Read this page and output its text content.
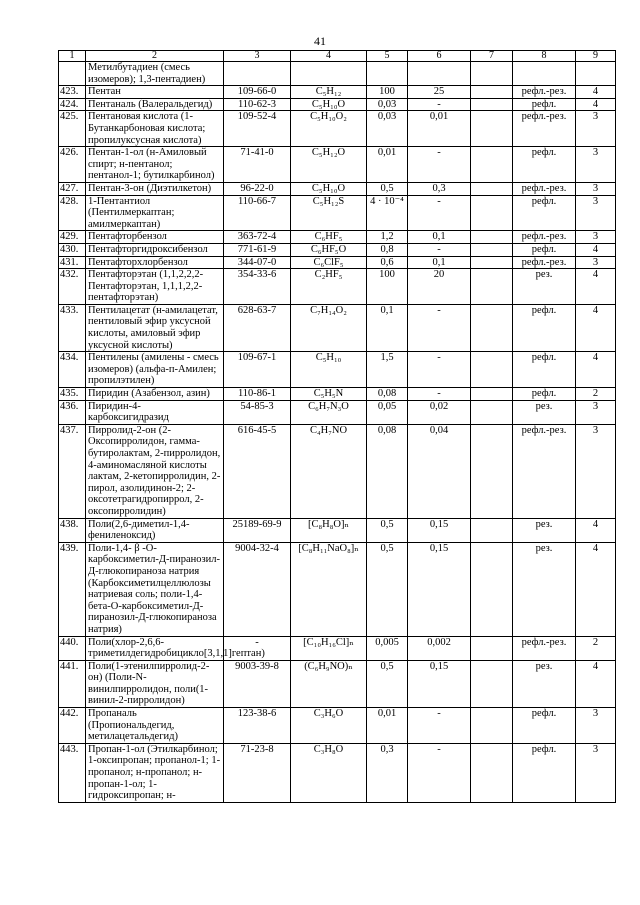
41
1	2	3	4	5	6	7	8	9
	Метилбутадиен (смесь изомеров); 1,3-пентадиен)							
423.	Пентан	109-66-0	C₅H₁₂	100	25		рефл.-рез.	4
424.	Пентаналь (Валеральдегид)	110-62-3	C₅H₁₀O	0,03	-		рефл.	4
425.	Пентановая кислота (1-Бутанкарбоновая кислота; пропилуксусная кислота)	109-52-4	C₅H₁₀O₂	0,03	0,01		рефл.-рез.	3
426.	Пентан-1-ол (н-Амиловый спирт; н-пентанол; пентанол-1; бутилкарбинол)	71-41-0	C₅H₁₂O	0,01	-		рефл.	3
427.	Пентан-3-он (Диэтилкетон)	96-22-0	C₅H₁₀O	0,5	0,3		рефл.-рез.	3
428.	1-Пентантиол (Пентилмеркаптан; амилмеркаптан)	110-66-7	C₅H₁₂S	4 · 10⁻⁴	-		рефл.	3
429.	Пентафторбензол	363-72-4	C₆HF₅	1,2	0,1		рефл.-рез.	3
430.	Пентафторгидроксибензол	771-61-9	C₆HF₅O	0,8	-		рефл.	4
431.	Пентафторхлорбензол	344-07-0	C₆ClF₅	0,6	0,1		рефл.-рез.	3
432.	Пентафторэтан (1,1,2,2,2-Пентафторэтан, 1,1,1,2,2-пентафторэтан)	354-33-6	C₂HF₅	100	20		рез.	4
433.	Пентилацетат (н-амилацетат, пентиловый эфир уксусной кислоты, амиловый эфир уксусной кислоты)	628-63-7	C₇H₁₄O₂	0,1	-		рефл.	4
434.	Пентилены (амилены - смесь изомеров) (альфа-п-Амилен; пропилэтилен)	109-67-1	C₅H₁₀	1,5	-		рефл.	4
435.	Пиридин (Азабензол, азин)	110-86-1	C₅H₅N	0,08	-		рефл.	2
436.	Пиридин-4-карбоксигидразид	54-85-3	C₆H₇N₃O	0,05	0,02		рез.	3
437.	Пирролид-2-он (2-Оксопирролидон, гамма-бутиролактам, 2-пирролидон, 4-аминомасляной кислоты лактам, 2-кетопирролидин, 2-пирол, азолидинон-2; 2-оксотетрагидропиррол, 2-оксопирролидин)	616-45-5	C₄H₇NO	0,08	0,04		рефл.-рез.	3
438.	Поли(2,6-диметил-1,4-фениленоксид)	25189-69-9	[C₈H₈O]ₙ	0,5	0,15		рез.	4
439.	Поли-1,4- β -О-карбоксиметил-Д-пиранозил-Д-глюкопираноза натрия (Карбоксиметилцеллюлозы натриевая соль; поли-1,4-бета-О-карбоксиметил-Д-пиранозил-Д-глюкопираноза натрия)	9004-32-4	[C₈H₁₁NaO₈]ₙ	0,5	0,15		рез.	4
440.	Поли(хлор-2,6,6-триметилдегидробицикло[3,1,1]гептан)	-	[C₁₀H₁₆Cl]ₙ	0,005	0,002		рефл.-рез.	2
441.	Поли(1-этенилпирролид-2-он) (Поли-N-винилпирролидон, поли(1-винил-2-пирролидон)	9003-39-8	(C₆H₉NO)ₙ	0,5	0,15		рез.	4
442.	Пропаналь (Пропиональдегид, метилацетальдегид)	123-38-6	C₃H₆O	0,01	-		рефл.	3
443.	Пропан-1-ол (Этилкарбинол; 1-оксипропан; пропанол-1; 1-пропанол; н-пропанол; н-пропан-1-ол; 1-гидроксипропан; н-	71-23-8	C₃H₈O	0,3	-		рефл.	3
